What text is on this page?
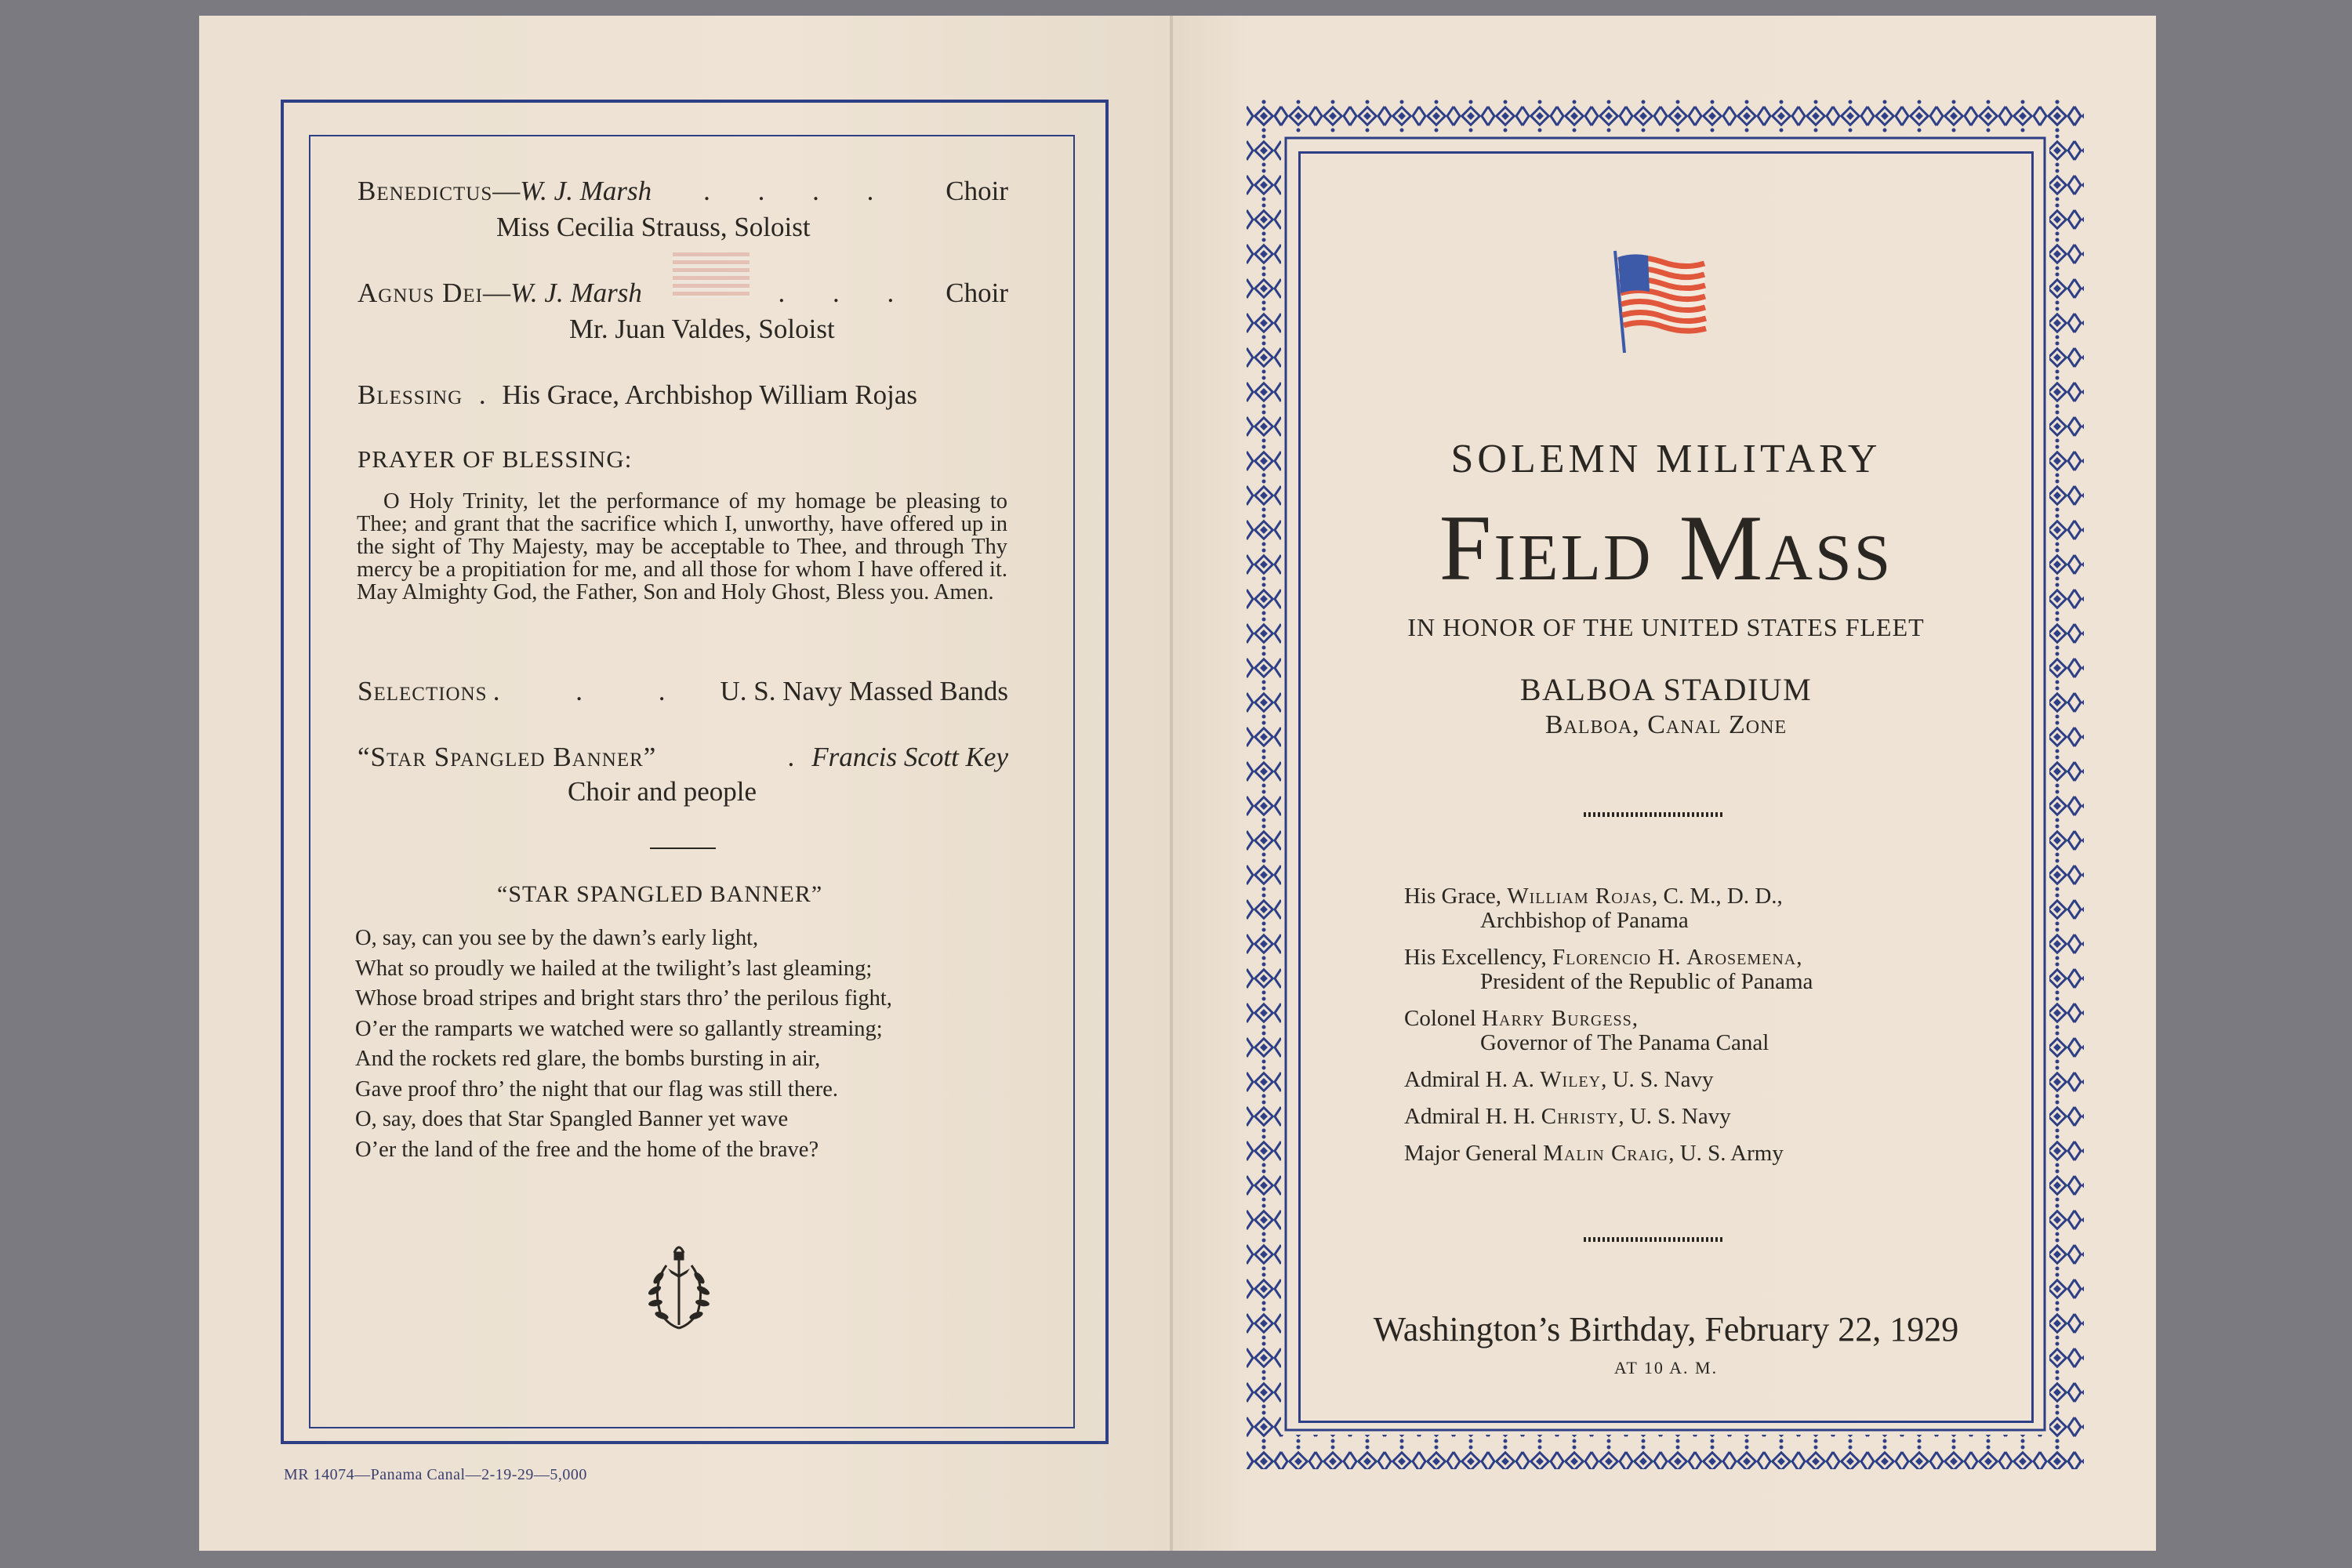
Benedictus — W. J. Marsh . . . . Choir
Miss Cecilia Strauss, Soloist
Agnus Dei — W. J. Marsh	. . . Choir
Mr. Juan Valdes, Soloist
Blessing . His Grace, Archbishop William Rojas
PRAYER OF BLESSING:

O Holy Trinity, let the performance of my homage be pleasing to Thee; and grant that the sacrifice which I, unworthy, have offered up in the sight of Thy Majesty, may be acceptable to Thee, and through Thy mercy be a propitiation for me, and all those for whom I have offered it. May Almighty God, the Father, Son and Holy Ghost, Bless you. Amen.

Selections . . . U. S. Navy Massed Bands
“Star Spangled Banner”	. Francis Scott Key
Choir and people
“STAR SPANGLED BANNER”
O, say, can you see by the dawn’s early light,
What so proudly we hailed at the twilight’s last gleaming;
Whose broad stripes and bright stars thro’ the perilous fight,
O’er the ramparts we watched were so gallantly streaming;
And the rockets red glare, the bombs bursting in air,
Gave proof thro’ the night that our flag was still there.
O, say, does that Star Spangled Banner yet wave
O’er the land of the free and the home of the brave?
MR 14074—Panama Canal—2-19-29—5,000
SOLEMN MILITARY
Field Mass
IN HONOR OF THE UNITED STATES FLEET
BALBOA STADIUM
Balboa, Canal Zone
His Grace, William Rojas, C. M., D. D.,
Archbishop of Panama
His Excellency, Florencio H. Arosemena,
President of the Republic of Panama
Colonel Harry Burgess,
Governor of The Panama Canal
Admiral H. A. Wiley, U. S. Navy
Admiral H. H. Christy, U. S. Navy
Major General Malin Craig, U. S. Army
Washington’s Birthday, February 22, 1929
AT 10 A. M.
